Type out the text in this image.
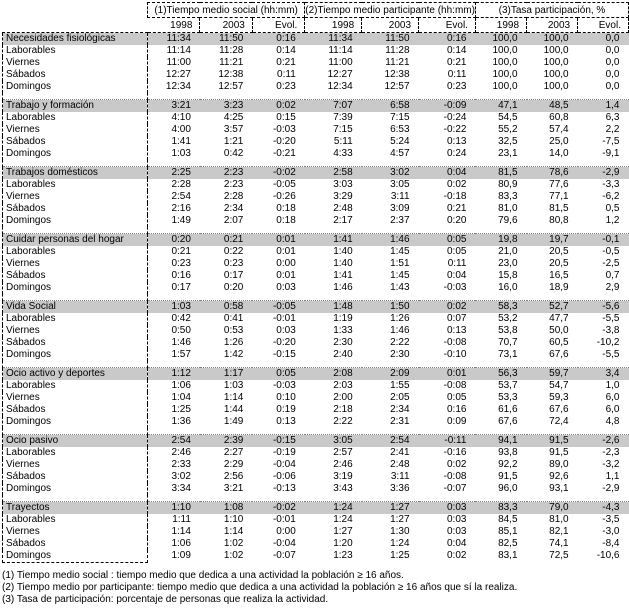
	(1)Tiempo medio social (hh:mm)			(2)Tiempo medio participante (hh:mm)			(3)Tasa participación, %		
	1998	2003	Evol.	1998	2003	Evol.	1998	2003	Evol.
Necesidades fisiológicas	11:34	11:50	0:16	11:34	11:50	0:16	100,0	100,0	0,0
Laborables	11:14	11:28	0:14	11:14	11:28	0:14	100,0	100,0	0,0
Viernes	11:00	11:21	0:21	11:00	11:21	0:21	100,0	100,0	0,0
Sábados	12:27	12:38	0:11	12:27	12:38	0:11	100,0	100,0	0,0
Domingos	12:34	12:57	0:23	12:34	12:57	0:23	100,0	100,0	0,0

Trabajo y formación	3:21	3:23	0:02	7:07	6:58	-0:09	47,1	48,5	1,4
Laborables	4:10	4:25	0:15	7:39	7:15	-0:24	54,5	60,8	6,3
Viernes	4:00	3:57	-0:03	7:15	6:53	-0:22	55,2	57,4	2,2
Sábados	1:41	1:21	-0:20	5:11	5:24	0:13	32,5	25,0	-7,5
Domingos	1:03	0:42	-0:21	4:33	4:57	0:24	23,1	14,0	-9,1

Trabajos domésticos	2:25	2:23	-0:02	2:58	3:02	0:04	81,5	78,6	-2,9
Laborables	2:28	2:23	-0:05	3:03	3:05	0:02	80,9	77,6	-3,3
Viernes	2:54	2:28	-0:26	3:29	3:11	-0:18	83,3	77,1	-6,2
Sábados	2:16	2:34	0:18	2:48	3:09	0:21	81,0	81,5	0,5
Domingos	1:49	2:07	0:18	2:17	2:37	0:20	79,6	80,8	1,2

Cuidar personas del hogar	0:20	0:21	0:01	1:41	1:46	0:05	19,8	19,7	-0,1
Laborables	0:21	0:22	0:01	1:40	1:45	0:05	21,0	20,5	-0,5
Viernes	0:23	0:23	0:00	1:40	1:51	0:11	23,0	20,5	-2,5
Sábados	0:16	0:17	0:01	1:41	1:45	0:04	15,8	16,5	0,7
Domingos	0:17	0:20	0:03	1:46	1:43	-0:03	16,0	18,9	2,9

Vida Social	1:03	0:58	-0:05	1:48	1:50	0:02	58,3	52,7	-5,6
Laborables	0:42	0:41	-0:01	1:19	1:26	0:07	53,2	47,7	-5,5
Viernes	0:50	0:53	0:03	1:33	1:46	0:13	53,8	50,0	-3,8
Sábados	1:46	1:26	-0:20	2:30	2:22	-0:08	70,7	60,5	-10,2
Domingos	1:57	1:42	-0:15	2:40	2:30	-0:10	73,1	67,6	-5,5

Ocio activo y deportes	1:12	1:17	0:05	2:08	2:09	0:01	56,3	59,7	3,4
Laborables	1:06	1:03	-0:03	2:03	1:55	-0:08	53,7	54,7	1,0
Viernes	1:04	1:14	0:10	2:00	2:05	0:05	53,3	59,3	6,0
Sábados	1:25	1:44	0:19	2:18	2:34	0:16	61,6	67,6	6,0
Domingos	1:36	1:49	0:13	2:22	2:31	0:09	67,6	72,4	4,8

Ocio pasivo	2:54	2:39	-0:15	3:05	2:54	-0:11	94,1	91,5	-2,6
Laborables	2:46	2:27	-0:19	2:57	2:41	-0:16	93,8	91,5	-2,3
Viernes	2:33	2:29	-0:04	2:46	2:48	0:02	92,2	89,0	-3,2
Sábados	3:02	2:56	-0:06	3:19	3:11	-0:08	91,5	92,6	1,1
Domingos	3:34	3:21	-0:13	3:43	3:36	-0:07	96,0	93,1	-2,9

Trayectos	1:10	1:08	-0:02	1:24	1:27	0:03	83,3	79,0	-4,3
Laborables	1:11	1:10	-0:01	1:24	1:27	0:03	84,5	81,0	-3,5
Viernes	1:14	1:14	0:00	1:27	1:30	0:03	85,1	82,1	-3,0
Sábados	1:06	1:02	-0:04	1:20	1:24	0:04	82,5	74,1	-8,4
Domingos	1:09	1:02	-0:07	1:23	1:25	0:02	83,1	72,5	-10,6
(1) Tiempo medio social : tiempo medio que dedica a una actividad la población ≥ 16 años.
(2) Tiempo medio por participante: tiempo medio que dedica a una actividad la población ≥ 16 años que sí la realiza.
(3) Tasa de participación: porcentaje de personas que realiza la actividad.
